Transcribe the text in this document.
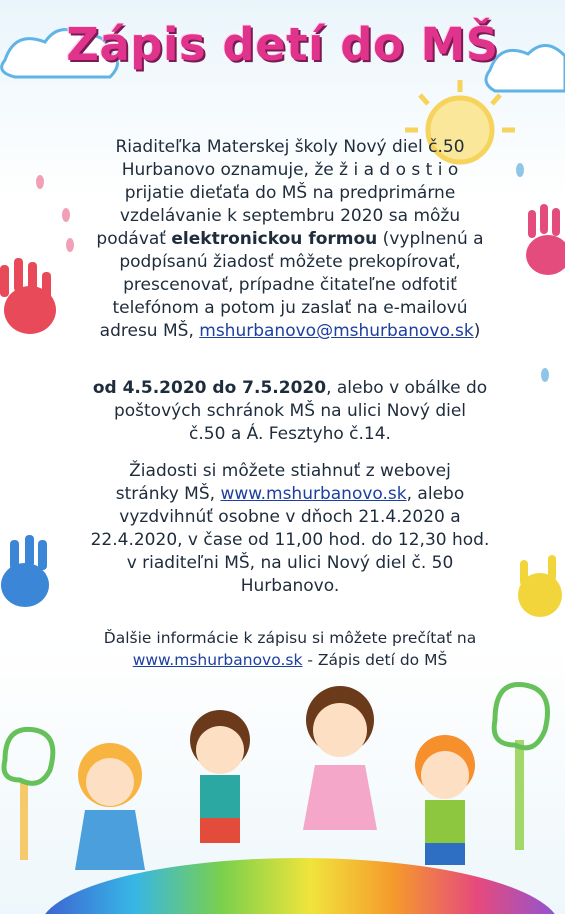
Zápis detí do MŠ

Riaditeľka Materskej školy Nový diel č.50

Hurbanovo oznamuje, že ž i a d o s t i o

prijatie dieťaťa do MŠ na predprimárne

vzdelávanie k septembru 2020 sa môžu

podávať elektronickou formou (vyplnenú a

podpísanú žiadosť môžete prekopírovať,

prescenovať, prípadne čitateľne odfotiť

telefónom a potom ju zaslať na e-mailovú

adresu MŠ, mshurbanovo@mshurbanovo.sk)

od 4.5.2020 do 7.5.2020, alebo v obálke do

poštových schránok MŠ na ulici Nový diel

č.50 a Á. Fesztyho č.14.

Žiadosti si môžete stiahnuť z webovej

stránky MŠ, www.mshurbanovo.sk, alebo

vyzdvihnúť osobne v dňoch 21.4.2020 a

22.4.2020, v čase od 11,00 hod. do 12,30 hod.

v riaditeľni MŠ, na ulici Nový diel č. 50

Hurbanovo.

Ďalšie informácie k zápisu si môžete prečítať na

www.mshurbanovo.sk - Zápis detí do MŠ
